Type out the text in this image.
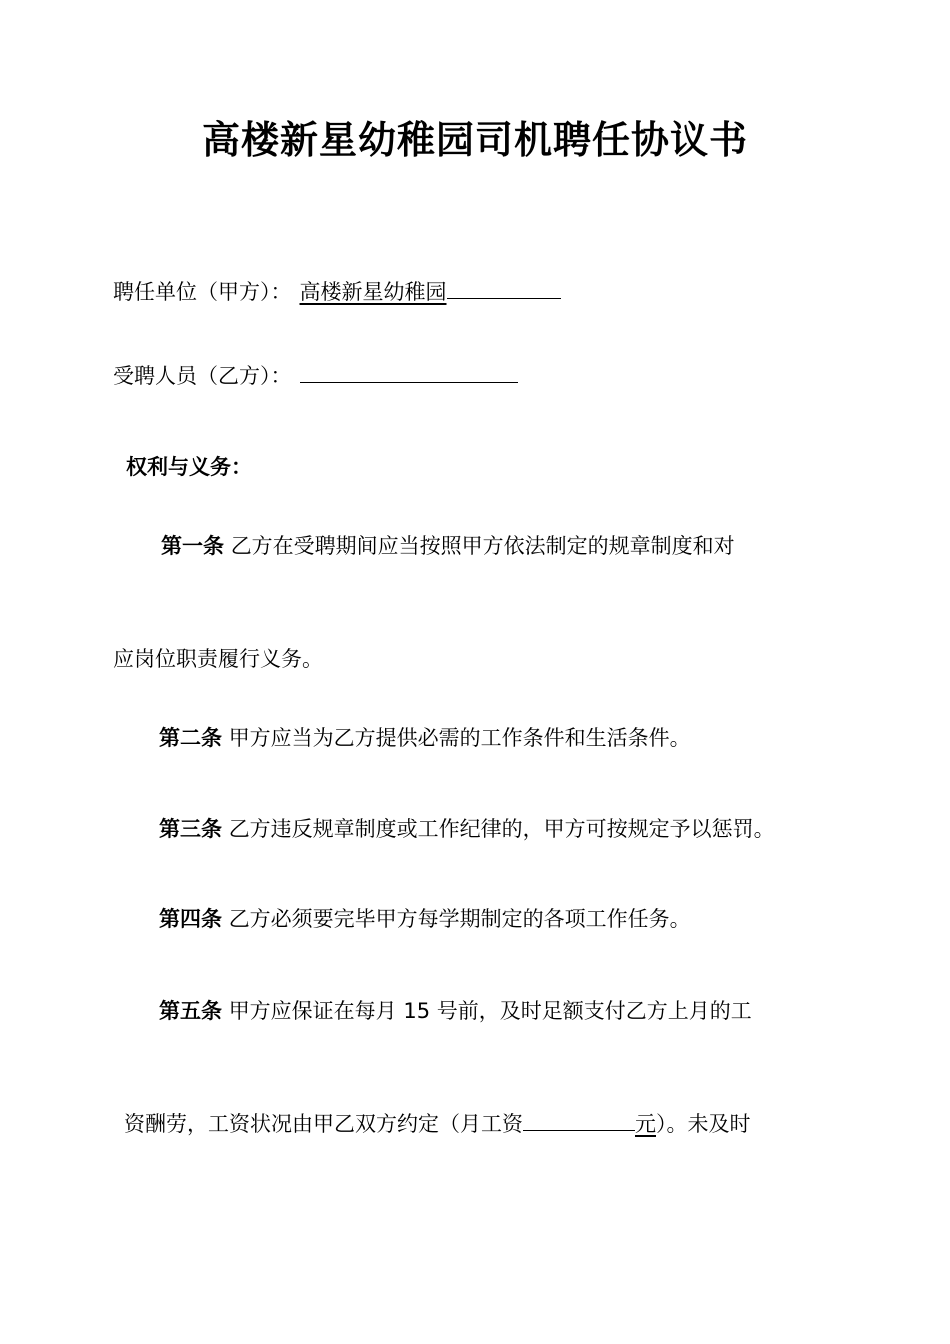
高楼新星幼稚园司机聘任协议书
聘任单位（甲方）： 高楼新星幼稚园
受聘人员（乙方）：
权利与义务：
第一条 乙方在受聘期间应当按照甲方依法制定的规章制度和对
应岗位职责履行义务。
第二条 甲方应当为乙方提供必需的工作条件和生活条件。
第三条 乙方违反规章制度或工作纪律的，甲方可按规定予以惩罚。
第四条 乙方必须要完毕甲方每学期制定的各项工作任务。
第五条 甲方应保证在每月 15 号前，及时足额支付乙方上月的工
资酬劳，工资状况由甲乙双方约定（月工资	元）。未及时
